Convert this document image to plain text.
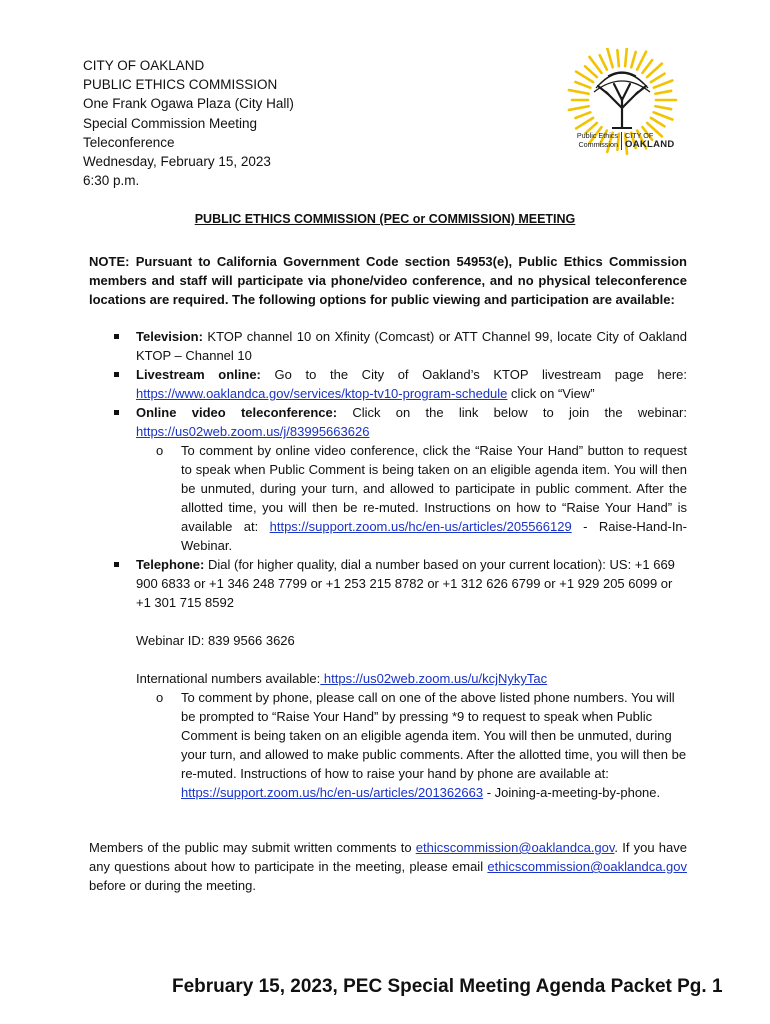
CITY OF OAKLAND
PUBLIC ETHICS COMMISSION
One Frank Ogawa Plaza (City Hall)
Special Commission Meeting
Teleconference
Wednesday, February 15, 2023
6:30 p.m.
Public Ethics
Commission
CITY OF
OAKLAND
PUBLIC ETHICS COMMISSION (PEC or COMMISSION) MEETING
NOTE: Pursuant to California Government Code section 54953(e), Public Ethics Commission members and staff will participate via phone/video conference, and no physical teleconference locations are required. The following options for public viewing and participation are available:
Television: KTOP channel 10 on Xfinity (Comcast) or ATT Channel 99, locate City of Oakland KTOP – Channel 10
Livestream online: Go to the City of Oakland’s KTOP livestream page here: https://www.oaklandca.gov/services/ktop-tv10-program-schedule click on “View”
Online video teleconference: Click on the link below to join the webinar: https://us02web.zoom.us/j/83995663626
o To comment by online video conference, click the “Raise Your Hand” button to request to speak when Public Comment is being taken on an eligible agenda item. You will then be unmuted, during your turn, and allowed to participate in public comment. After the allotted time, you will then be re-muted. Instructions on how to “Raise Your Hand” is available at: https://support.zoom.us/hc/en-us/articles/205566129 - Raise-Hand-In-Webinar.
Telephone: Dial (for higher quality, dial a number based on your current location): US: +1 669 900 6833 or +1 346 248 7799 or +1 253 215 8782 or +1 312 626 6799 or +1 929 205 6099 or +1 301 715 8592
Webinar ID: 839 9566 3626
International numbers available: https://us02web.zoom.us/u/kcjNykyTac
o To comment by phone, please call on one of the above listed phone numbers. You will be prompted to “Raise Your Hand” by pressing *9 to request to speak when Public Comment is being taken on an eligible agenda item. You will then be unmuted, during your turn, and allowed to make public comments. After the allotted time, you will then be re-muted. Instructions of how to raise your hand by phone are available at: https://support.zoom.us/hc/en-us/articles/201362663 - Joining-a-meeting-by-phone.
Members of the public may submit written comments to ethicscommission@oaklandca.gov. If you have any questions about how to participate in the meeting, please email ethicscommission@oaklandca.gov before or during the meeting.
February 15, 2023, PEC Special Meeting Agenda Packet Pg. 1
